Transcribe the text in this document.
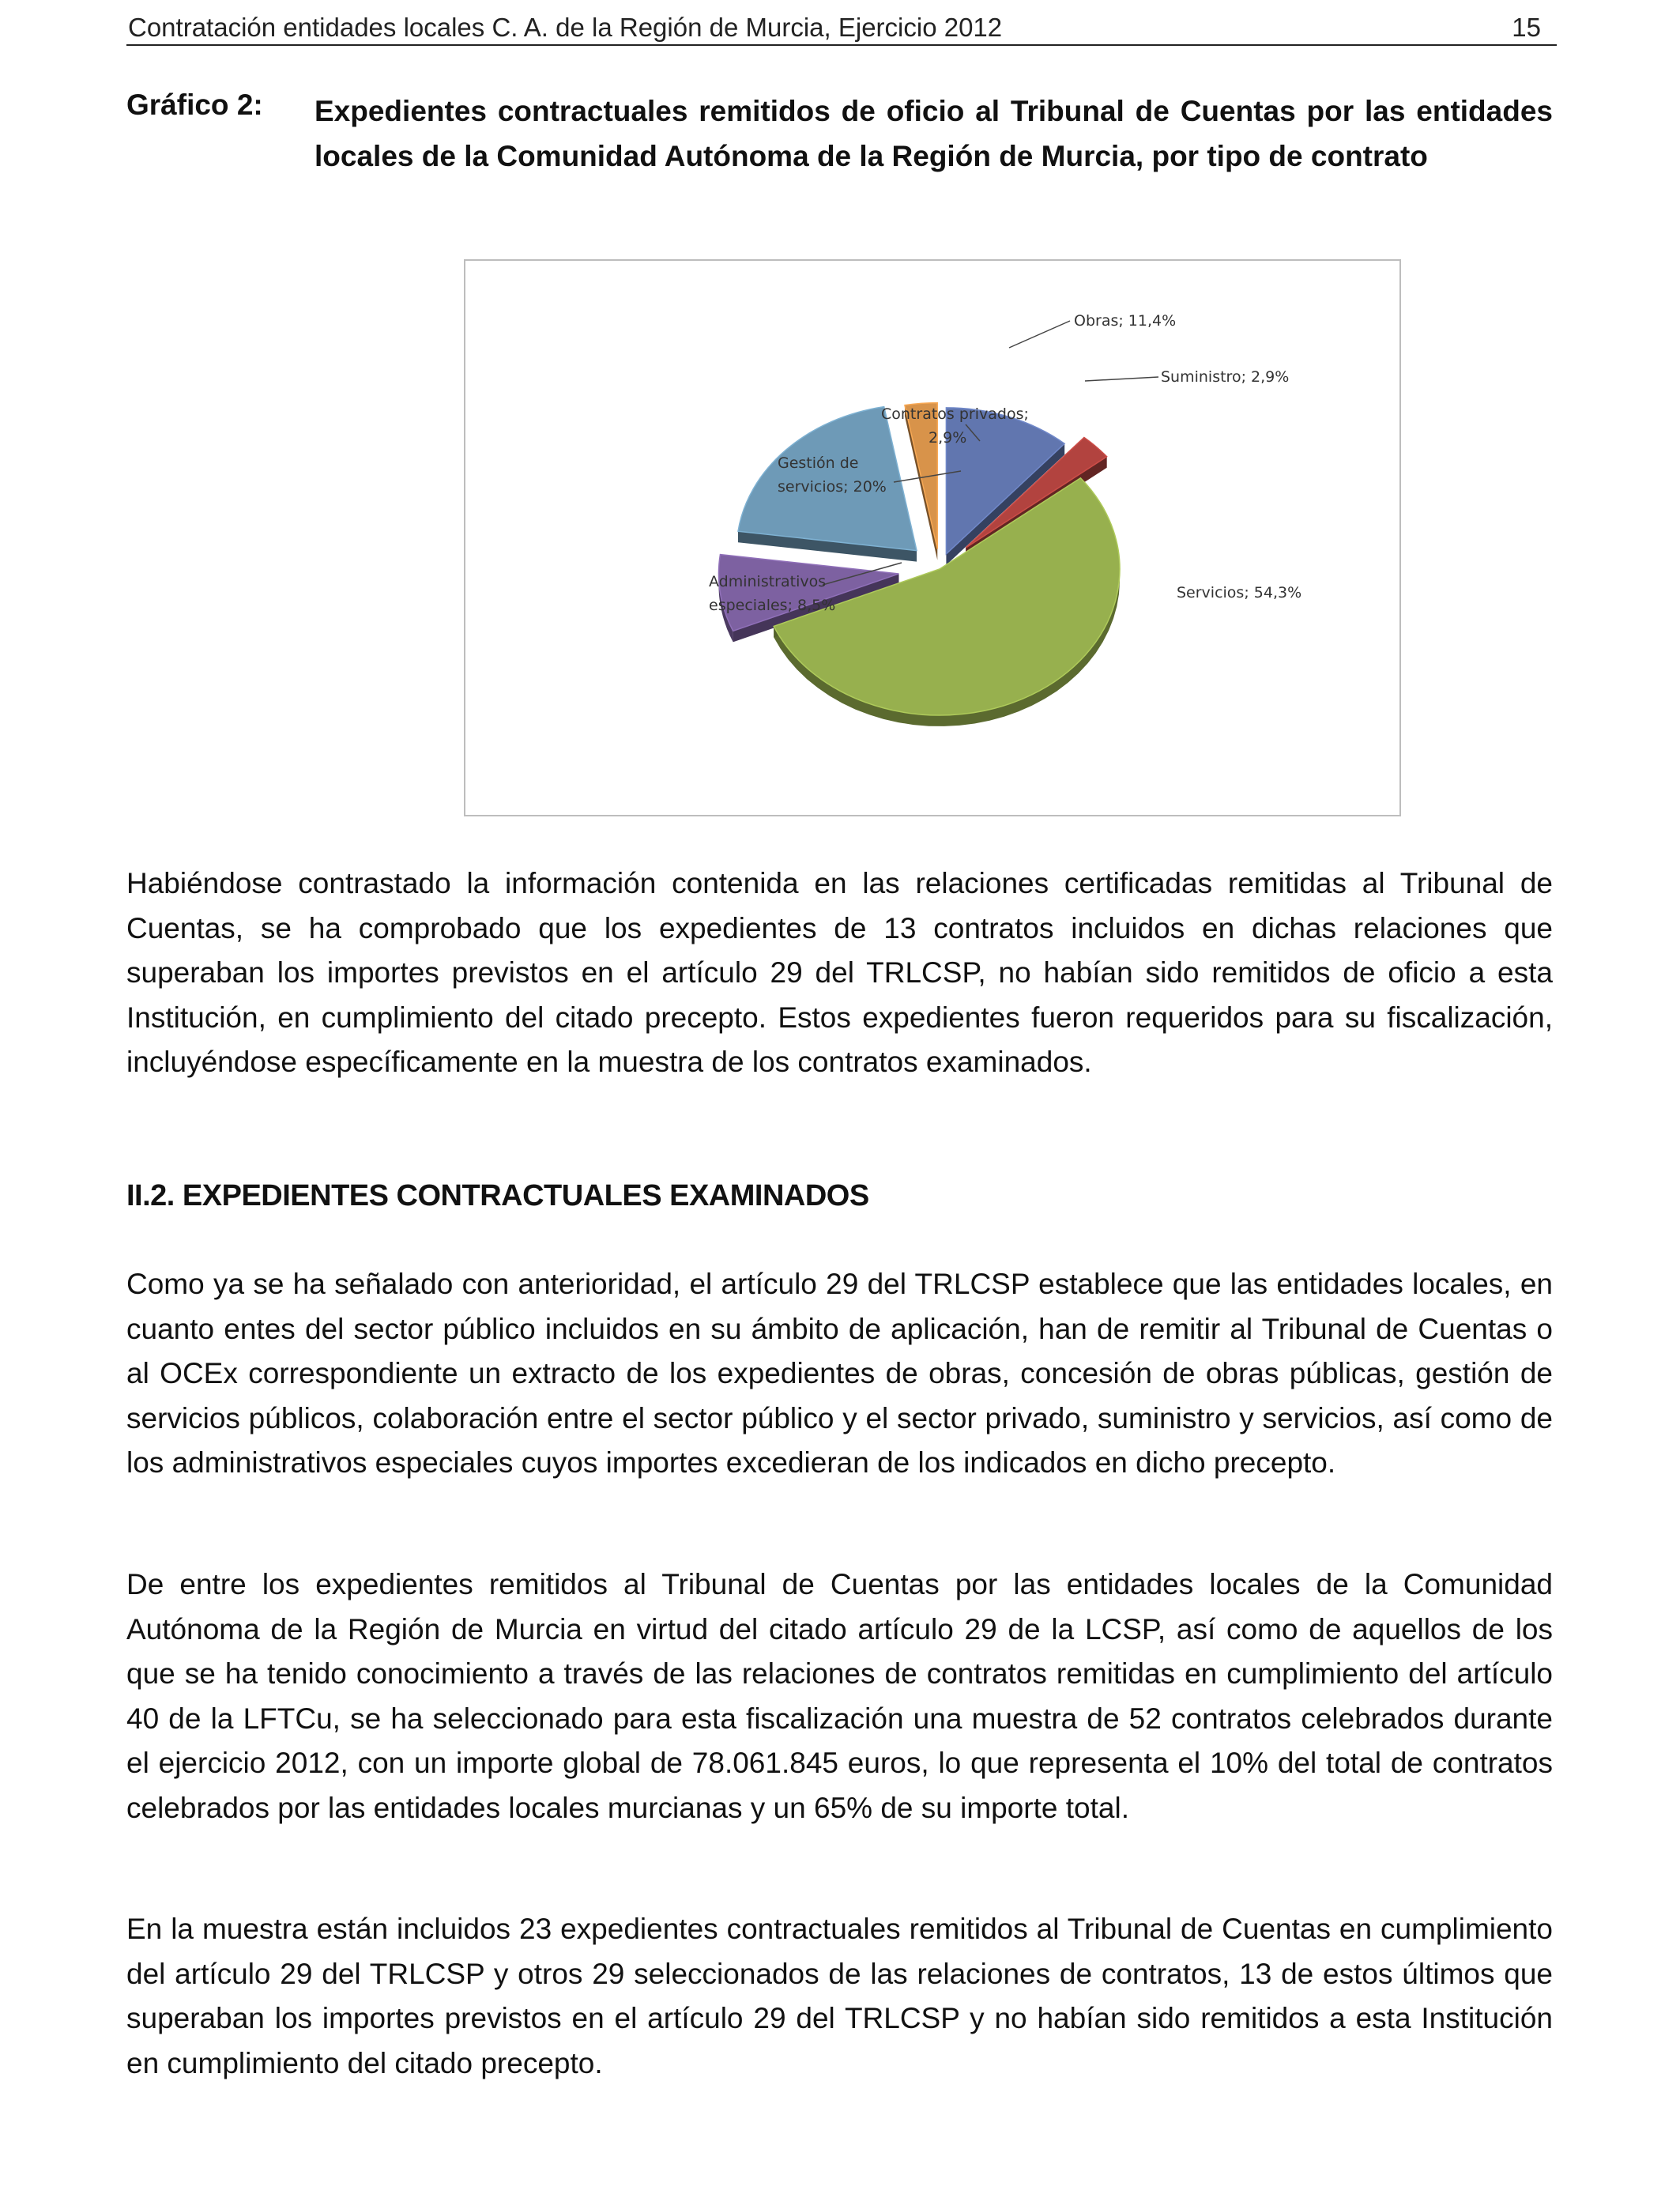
Contratación entidades locales C. A. de la Región de Murcia, Ejercicio 2012	15
Gráfico 2: Expedientes contractuales remitidos de oficio al Tribunal de Cuentas por las entidades locales de la Comunidad Autónoma de la Región de Murcia, por tipo de contrato
Obras; 11,4%
Suministro; 2,9%
Servicios; 54,3%
Administrativos
especiales; 8,5%
Gestión de
servicios; 20%
Contratos privados;
2,9%
Habiéndose contrastado la información contenida en las relaciones certificadas remitidas al Tribunal de Cuentas, se ha comprobado que los expedientes de 13 contratos incluidos en dichas relaciones que superaban los importes previstos en el artículo 29 del TRLCSP, no habían sido remitidos de oficio a esta Institución, en cumplimiento del citado precepto. Estos expedientes fueron requeridos para su fiscalización, incluyéndose específicamente en la muestra de los contratos examinados.
II.2. EXPEDIENTES CONTRACTUALES EXAMINADOS
Como ya se ha señalado con anterioridad, el artículo 29 del TRLCSP establece que las entidades locales, en cuanto entes del sector público incluidos en su ámbito de aplicación, han de remitir al Tribunal de Cuentas o al OCEx correspondiente un extracto de los expedientes de obras, concesión de obras públicas, gestión de servicios públicos, colaboración entre el sector público y el sector privado, suministro y servicios, así como de los administrativos especiales cuyos importes excedieran de los indicados en dicho precepto.
De entre los expedientes remitidos al Tribunal de Cuentas por las entidades locales de la Comunidad Autónoma de la Región de Murcia en virtud del citado artículo 29 de la LCSP, así como de aquellos de los que se ha tenido conocimiento a través de las relaciones de contratos remitidas en cumplimiento del artículo 40 de la LFTCu, se ha seleccionado para esta fiscalización una muestra de 52 contratos celebrados durante el ejercicio 2012, con un importe global de 78.061.845 euros, lo que representa el 10% del total de contratos celebrados por las entidades locales murcianas y un 65% de su importe total.
En la muestra están incluidos 23 expedientes contractuales remitidos al Tribunal de Cuentas en cumplimiento del artículo 29 del TRLCSP y otros 29 seleccionados de las relaciones de contratos, 13 de estos últimos que superaban los importes previstos en el artículo 29 del TRLCSP y no habían sido remitidos a esta Institución en cumplimiento del citado precepto.
